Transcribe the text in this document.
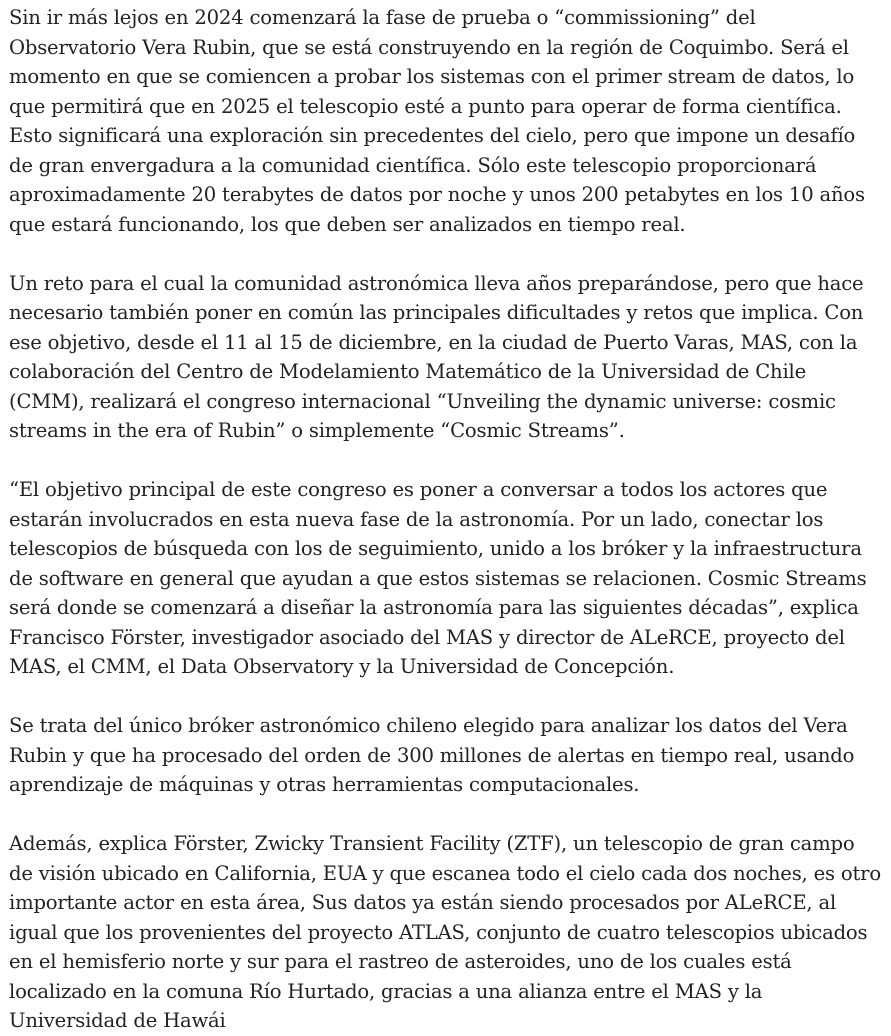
Sin ir más lejos en 2024 comenzará la fase de prueba o “commissioning” del Observatorio Vera Rubin, que se está construyendo en la región de Coquimbo. Será el momento en que se comiencen a probar los sistemas con el primer stream de datos, lo que permitirá que en 2025 el telescopio esté a punto para operar de forma científica. Esto significará una exploración sin precedentes del cielo, pero que impone un desafío de gran envergadura a la comunidad científica. Sólo este telescopio proporcionará aproximadamente 20 terabytes de datos por noche y unos 200 petabytes en los 10 años que estará funcionando, los que deben ser analizados en tiempo real.

Un reto para el cual la comunidad astronómica lleva años preparándose, pero que hace necesario también poner en común las principales dificultades y retos que implica. Con ese objetivo, desde el 11 al 15 de diciembre, en la ciudad de Puerto Varas, MAS, con la colaboración del Centro de Modelamiento Matemático de la Universidad de Chile (CMM), realizará el congreso internacional “Unveiling the dynamic universe: cosmic streams in the era of Rubin” o simplemente “Cosmic Streams”.

“El objetivo principal de este congreso es poner a conversar a todos los actores que estarán involucrados en esta nueva fase de la astronomía. Por un lado, conectar los telescopios de búsqueda con los de seguimiento, unido a los bróker y la infraestructura de software en general que ayudan a que estos sistemas se relacionen. Cosmic Streams será donde se comenzará a diseñar la astronomía para las siguientes décadas”, explica Francisco Förster, investigador asociado del MAS y director de ALeRCE, proyecto del MAS, el CMM, el Data Observatory y la Universidad de Concepción.

Se trata del único bróker astronómico chileno elegido para analizar los datos del Vera Rubin y que ha procesado del orden de 300 millones de alertas en tiempo real, usando aprendizaje de máquinas y otras herramientas computacionales.

Además, explica Förster, Zwicky Transient Facility (ZTF), un telescopio de gran campo de visión ubicado en California, EUA y que escanea todo el cielo cada dos noches, es otro importante actor en esta área, Sus datos ya están siendo procesados por ALeRCE, al igual que los provenientes del proyecto ATLAS, conjunto de cuatro telescopios ubicados en el hemisferio norte y sur para el rastreo de asteroides, uno de los cuales está localizado en la comuna Río Hurtado, gracias a una alianza entre el MAS y la Universidad de Hawái
